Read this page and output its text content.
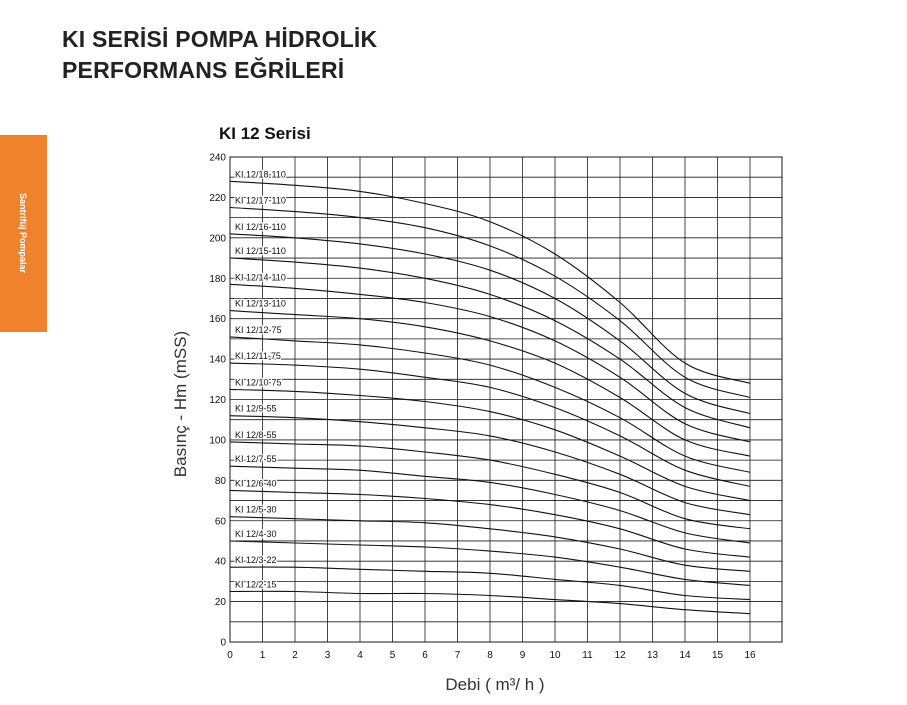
KI SERİSİ POMPA HİDROLİK
PERFORMANS EĞRİLERİ
Santrifüj Pompalar
KI 12 Serisi
0	1	2	3	4	5	6	7	8	9 10 11 12 13 14 15 16
0
20
40
60
80
100
120
140
160
180
200
220
240
KI 12/18-110
KI 12/17-110
KI 12/16-110
KI 12/15-110
KI 12/14-110
KI 12/13-110
KI 12/12-75
KI 12/11-75
KI 12/10-75
KI 12/9-55
KI 12/8-55
KI 12/7-55
KI 12/6-40
KI 12/5-30
KI 12/4-30
KI 12/3-22
KI 12/2-15
Debi ( m³/ h )
Basınç - Hm (mSS)
